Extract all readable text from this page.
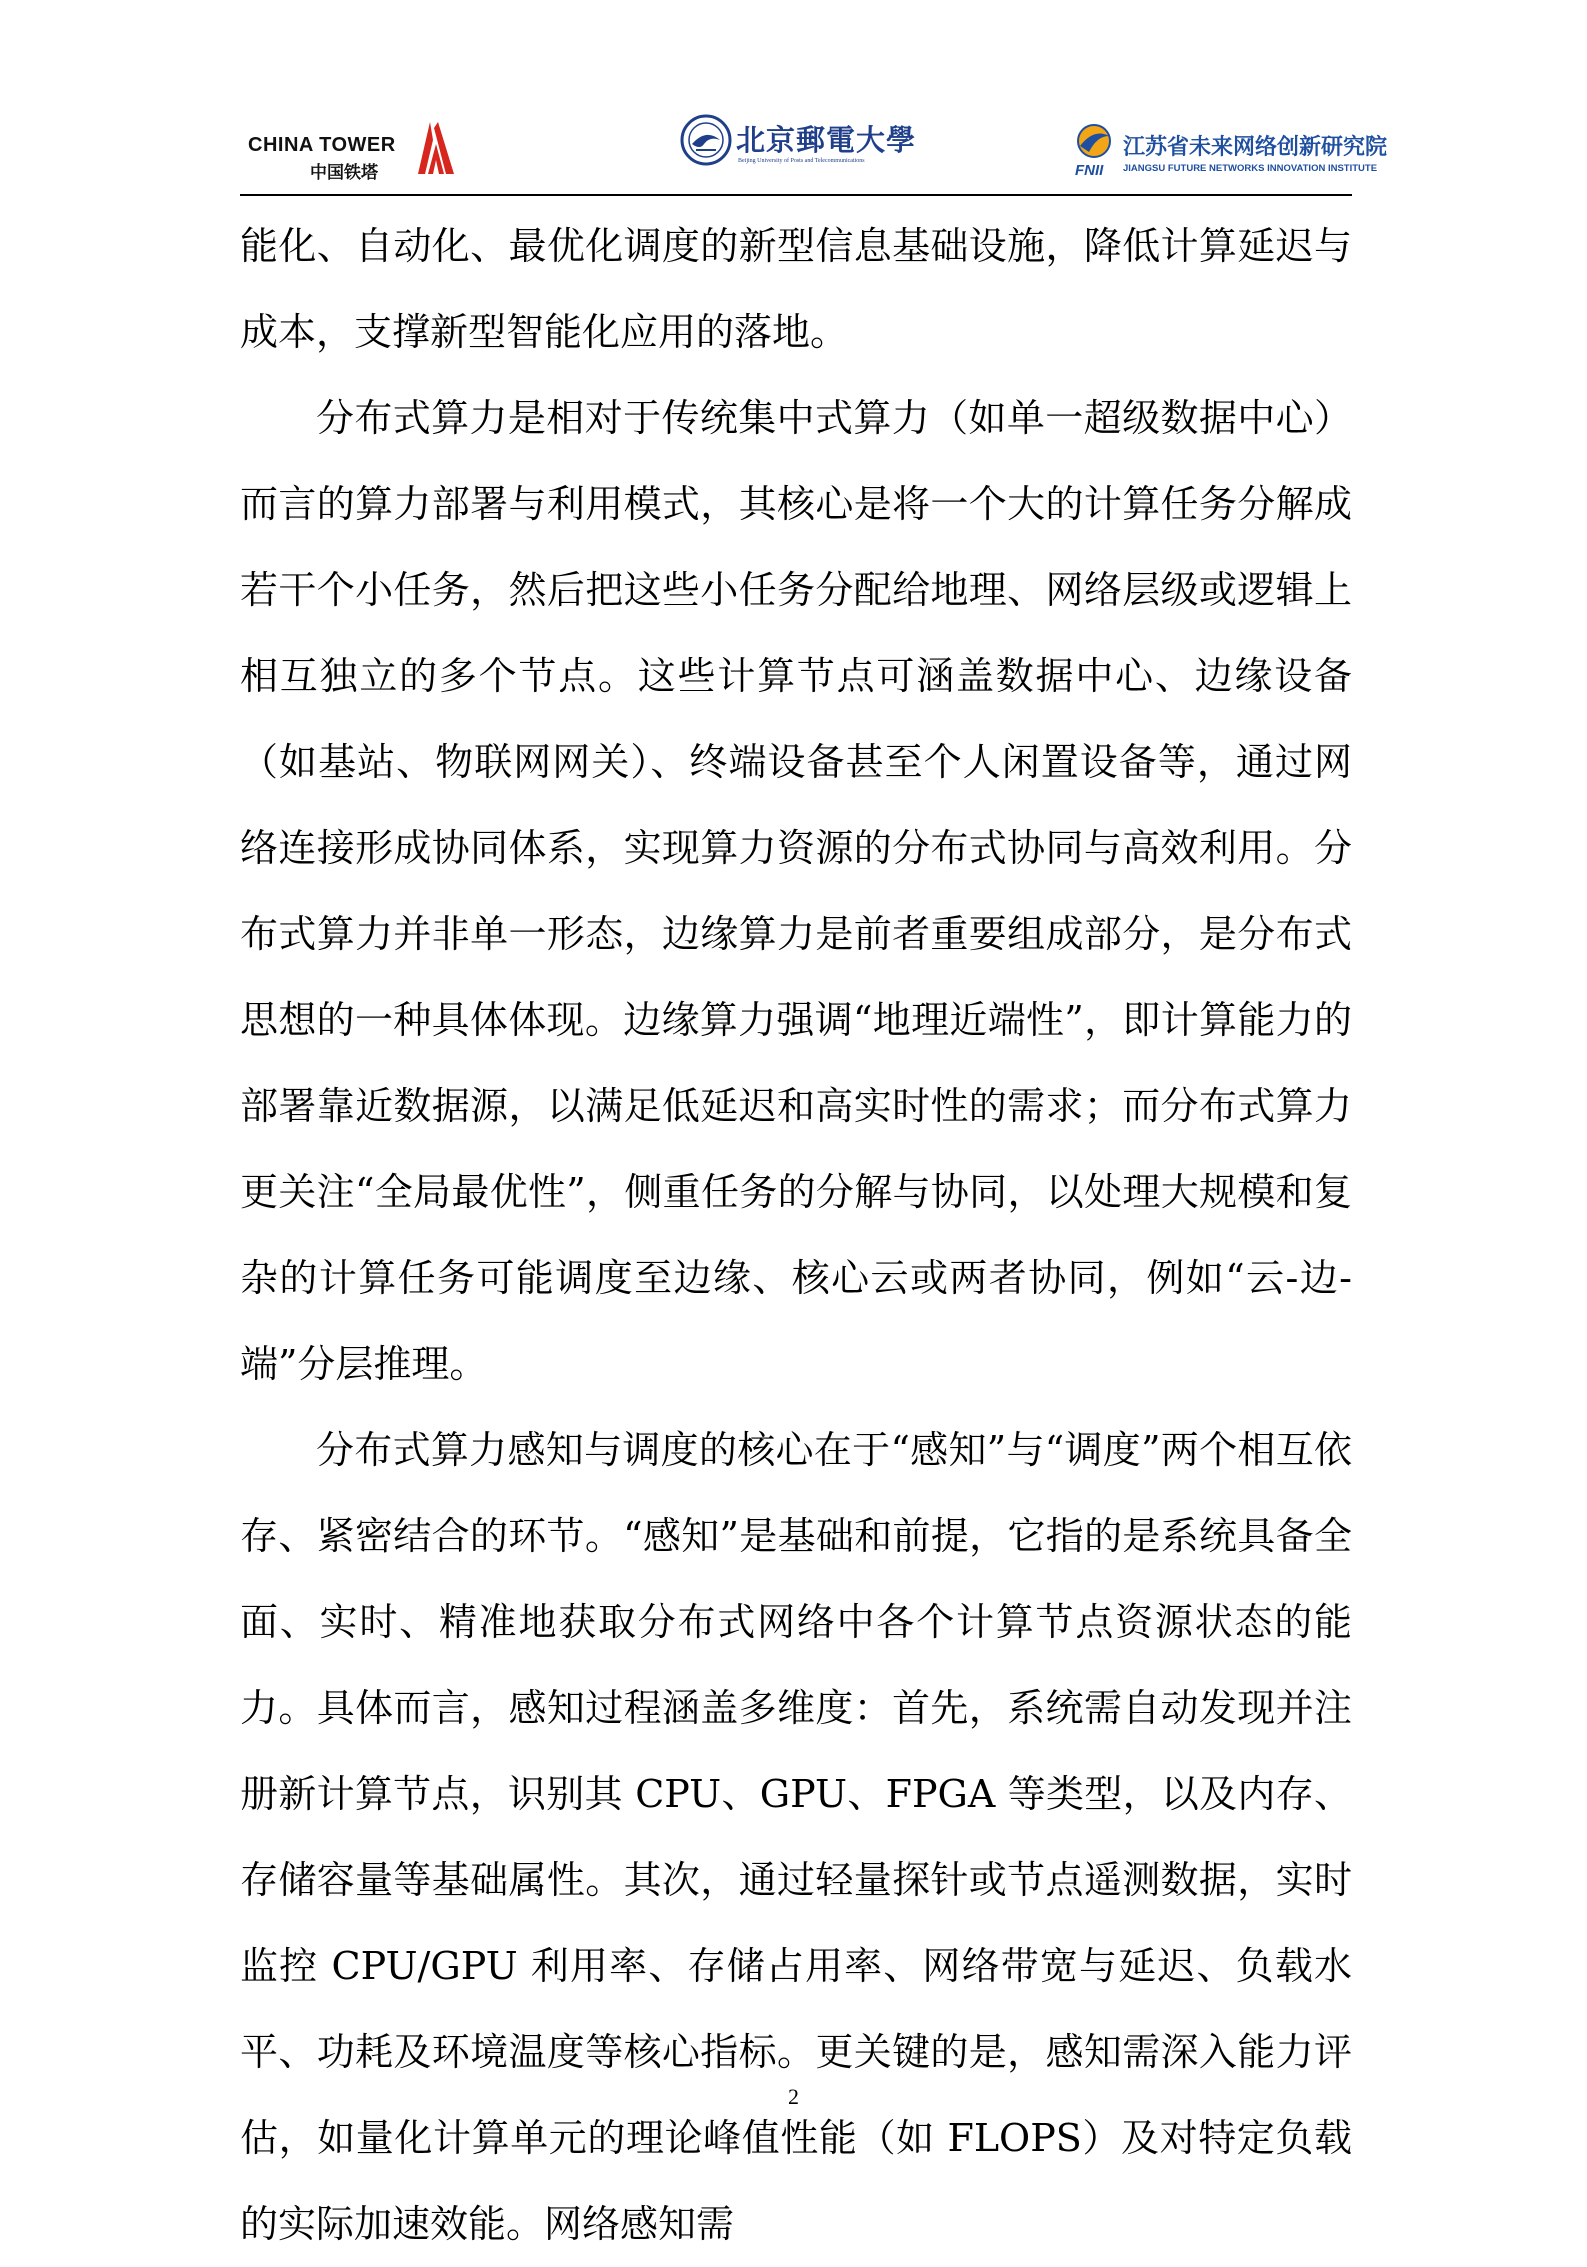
CHINA TOWER
中国铁塔
北京郵電大學
Beijing University of Posts and Telecommunications
FNII
江苏省未来网络创新研究院
JIANGSU FUTURE NETWORKS INNOVATION INSTITUTE

能化、自动化、最优化调度的新型信息基础设施，降低计算延迟与成本，支撑新型智能化应用的落地。

分布式算力是相对于传统集中式算力（如单一超级数据中心）而言的算力部署与利用模式，其核心是将一个大的计算任务分解成若干个小任务，然后把这些小任务分配给地理、网络层级或逻辑上相互独立的多个节点。这些计算节点可涵盖数据中心、边缘设备（如基站、物联网网关）、终端设备甚至个人闲置设备等，通过网络连接形成协同体系，实现算力资源的分布式协同与高效利用。分布式算力并非单一形态，边缘算力是前者重要组成部分，是分布式思想的一种具体体现。边缘算力强调“地理近端性”，即计算能力的部署靠近数据源，以满足低延迟和高实时性的需求；而分布式算力更关注“全局最优性”，侧重任务的分解与协同，以处理大规模和复杂的计算任务可能调度至边缘、核心云或两者协同，例如“云-边-端”分层推理。

分布式算力感知与调度的核心在于“感知”与“调度”两个相互依存、紧密结合的环节。“感知”是基础和前提，它指的是系统具备全面、实时、精准地获取分布式网络中各个计算节点资源状态的能力。具体而言，感知过程涵盖多维度：首先，系统需自动发现并注册新计算节点，识别其 CPU、GPU、FPGA 等类型，以及内存、存储容量等基础属性。其次，通过轻量探针或节点遥测数据，实时监控 CPU/GPU 利用率、存储占用率、网络带宽与延迟、负载水平、功耗及环境温度等核心指标。更关键的是，感知需深入能力评估，如量化计算单元的理论峰值性能（如 FLOPS）及对特定负载的实际加速效能。网络感知需

2
